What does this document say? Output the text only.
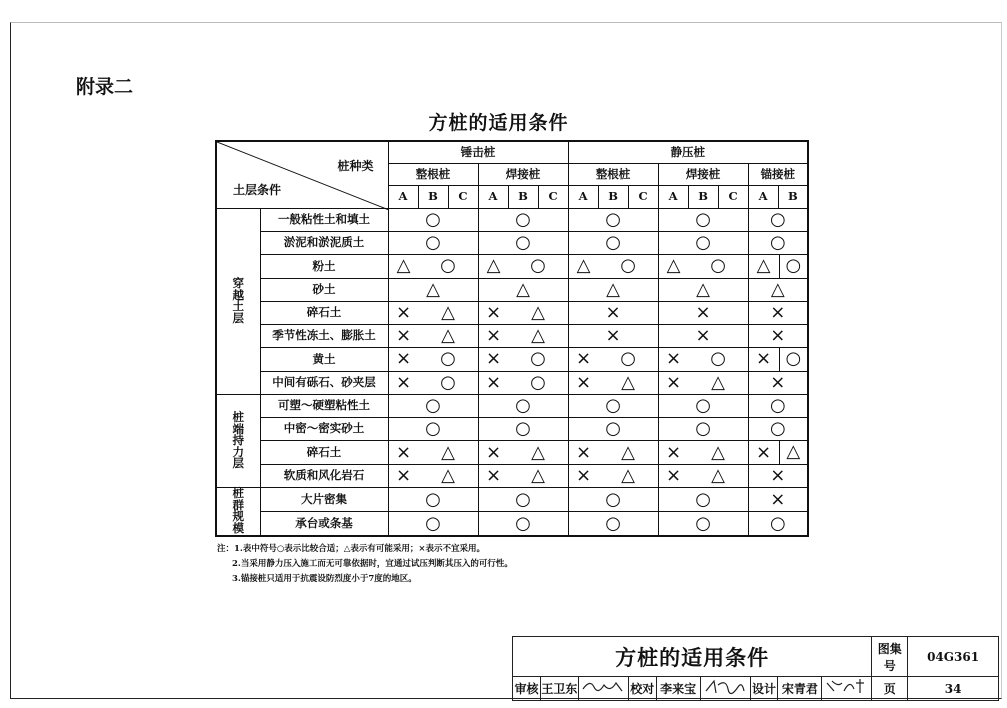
附录二
方桩的适用条件
桩种类
土层条件		锤击桩						静压桩							
		整根桩			焊接桩			整根桩			焊接桩			锚接桩	
		A	B	C	A	B	C	A	B	C	A	B	C	A	B
穿越土层	一般粘性土和填土	○			○			○			○			○	

	淤泥和淤泥质土	○			○			○			○			○	

	粉土	△ ○			△ ○			△ ○			△ ○			△ ○	

	砂土	△			△			△			△			△	

	碎石土	× △			× △			×			×			×	

	季节性冻土、膨胀土	× △			× △			×			×			×	

	黄土	× ○			× ○			× ○			× ○			× ○	

	中间有砾石、砂夹层	× ○			× ○			× △			× △			×	

桩端持力层	可塑～硬塑粘性土	○			○			○			○			○	

	中密～密实砂土	○			○			○			○			○	

	碎石土	× △			× △			× △			× △			× △	

	软质和风化岩石	× △			× △			× △			× △			×	

桩群规模	大片密集	○			○			○			○			×	

	承台或条基	○			○			○			○			○	
注：1.表中符号○表示比较合适；△表示有可能采用；×表示不宜采用。
2.当采用静力压入施工而无可靠依据时，宜通过试压判断其压入的可行性。
3.锚接桩只适用于抗震设防烈度小于7度的地区。
方桩的适用条件									图集号	04G361
审核	王卫东		校对	李来宝		设计	宋青君		页	34
